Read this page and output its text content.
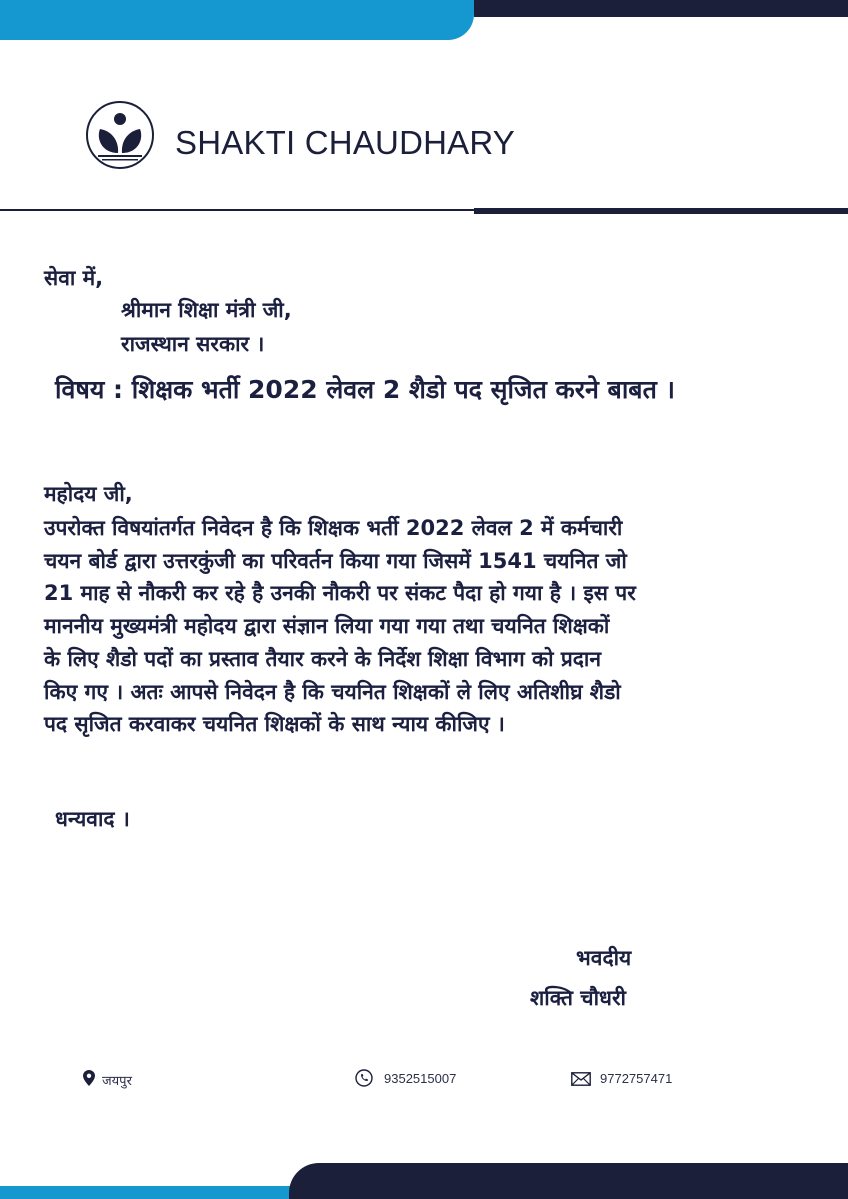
SHAKTI CHAUDHARY
सेवा में,
श्रीमान शिक्षा मंत्री जी,
राजस्थान सरकार ।
विषय : शिक्षक भर्ती 2022 लेवल 2 शैडो पद सृजित करने बाबत ।
महोदय जी,
उपरोक्त विषयांतर्गत निवेदन है कि शिक्षक भर्ती 2022 लेवल 2 में कर्मचारी
चयन बोर्ड द्वारा उत्तरकुंजी का परिवर्तन किया गया जिसमें 1541 चयनित जो
21 माह से नौकरी कर रहे है उनकी नौकरी पर संकट पैदा हो गया है । इस पर
माननीय मुख्यमंत्री महोदय द्वारा संज्ञान लिया गया गया तथा चयनित शिक्षकों
के लिए शैडो पदों का प्रस्ताव तैयार करने के निर्देश शिक्षा विभाग को प्रदान
किए गए । अतः आपसे निवेदन है कि चयनित शिक्षकों ले लिए अतिशीघ्र शैडो
पद सृजित करवाकर चयनित शिक्षकों के साथ न्याय कीजिए ।
धन्यवाद ।
भवदीय
शक्ति चौधरी
जयपुर	9352515007	9772757471
